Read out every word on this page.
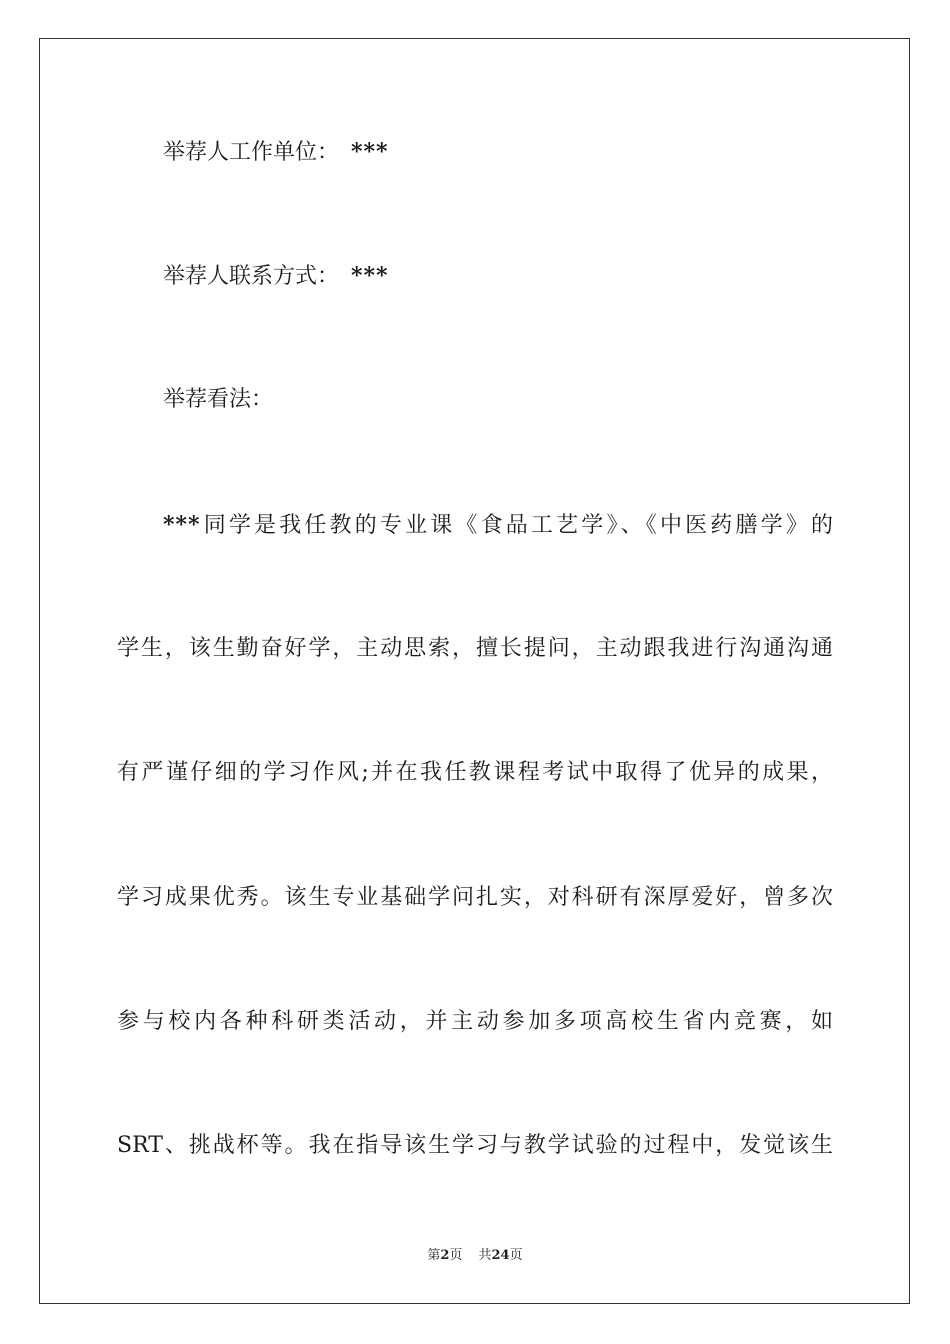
举荐人工作单位： ***
举荐人联系方式： ***
举荐看法：
***同学是我任教的专业课《食品工艺学》、《中医药膳学》的
学生，该生勤奋好学，主动思索，擅长提问，主动跟我进行沟通沟通
有严谨仔细的学习作风;并在我任教课程考试中取得了优异的成果，
学习成果优秀。该生专业基础学问扎实，对科研有深厚爱好，曾多次
参与校内各种科研类活动，并主动参加多项高校生省内竞赛，如
SRT、挑战杯等。我在指导该生学习与教学试验的过程中，发觉该生
第2页 共24页
